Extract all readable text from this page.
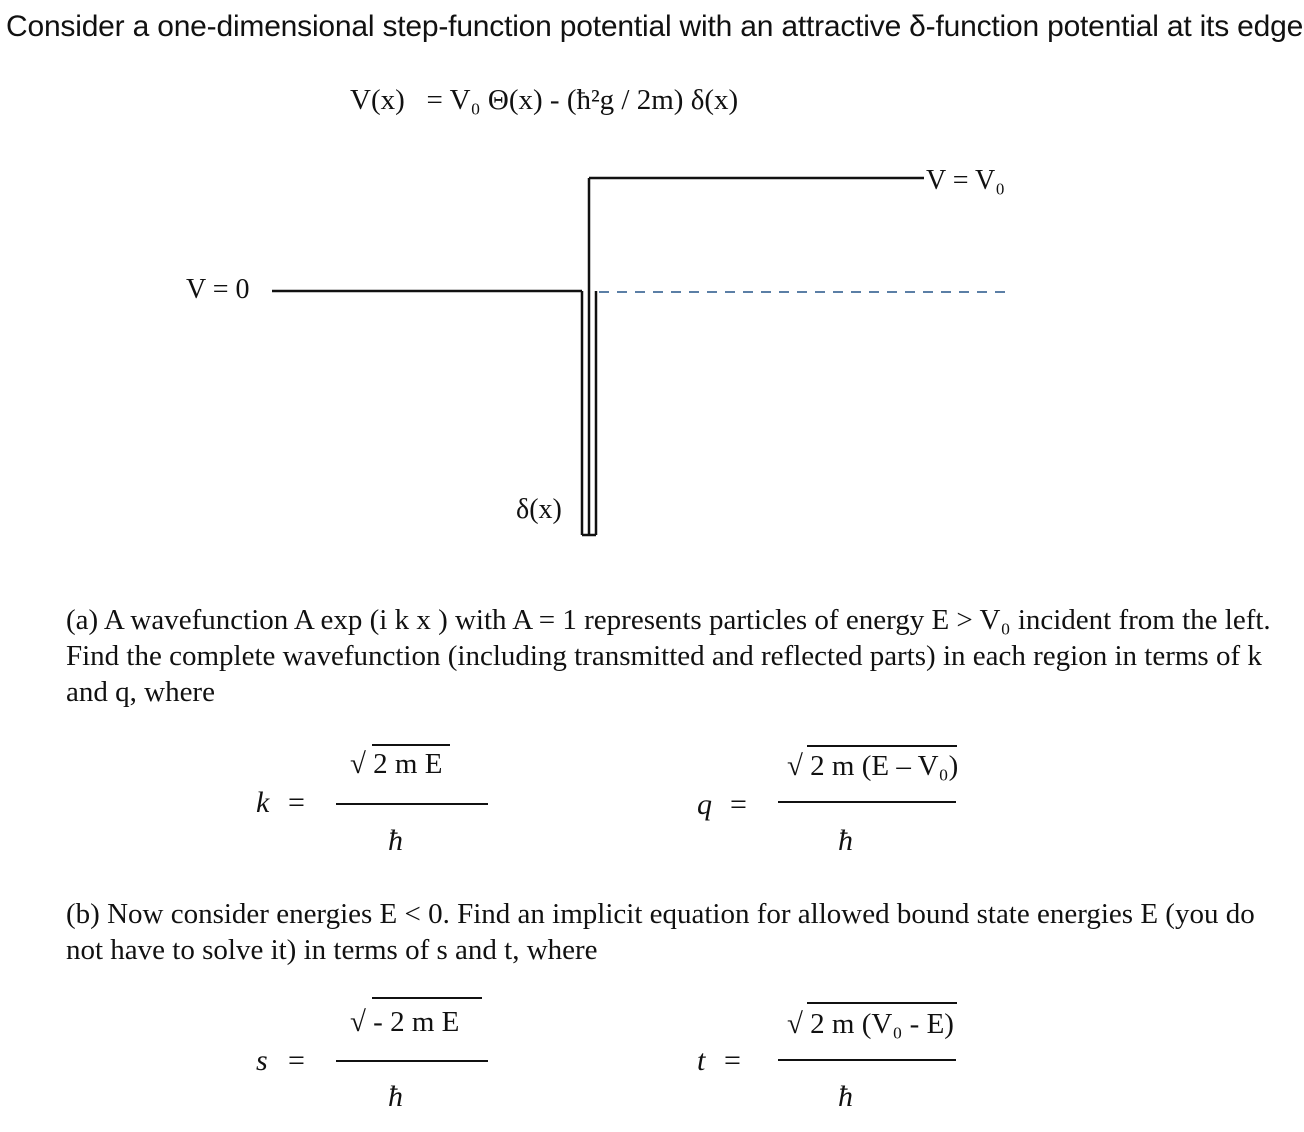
Consider a one-dimensional step-function potential with an attractive δ-function potential at its edge
V(x) = V₀ Θ(x) - (ħ²g / 2m) δ(x)
V = 0
V = V₀
δ(x)
(a) A wavefunction A exp (i k x ) with A = 1 represents particles of energy E > V₀ incident from the left. Find the complete wavefunction (including transmitted and reflected parts) in each region in terms of k and q, where
k =
√ 2 m E
ħ
q =
√ 2 m (E – V₀)
ħ
(b) Now consider energies E < 0. Find an implicit equation for allowed bound state energies E (you do not have to solve it) in terms of s and t, where
s =
√ - 2 m E
ħ
t =
√ 2 m (V₀ - E)
ħ
